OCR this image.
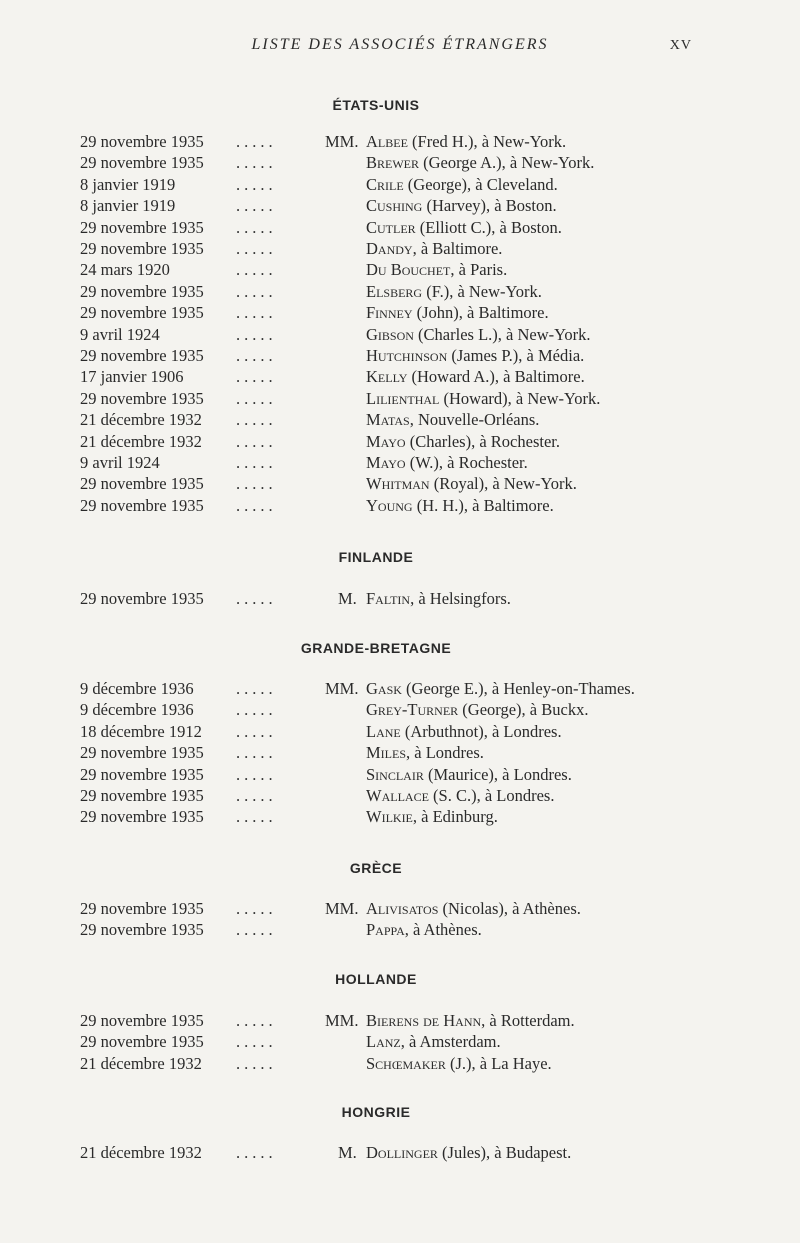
LISTE DES ASSOCIÉS ÉTRANGERS	XV
ÉTATS-UNIS
29 novembre 1935	.....	MM. Albee (Fred H.), à New-York.
29 novembre 1935	.....	Brewer (George A.), à New-York.
8 janvier 1919	.....	Crile (George), à Cleveland.
8 janvier 1919	.....	Cushing (Harvey), à Boston.
29 novembre 1935	.....	Cutler (Elliott C.), à Boston.
29 novembre 1935	.....	Dandy, à Baltimore.
24 mars 1920	.....	Du Bouchet, à Paris.
29 novembre 1935	.....	Elsberg (F.), à New-York.
29 novembre 1935	.....	Finney (John), à Baltimore.
9 avril 1924	.....	Gibson (Charles L.), à New-York.
29 novembre 1935	.....	Hutchinson (James P.), à Média.
17 janvier 1906	.....	Kelly (Howard A.), à Baltimore.
29 novembre 1935	.....	Lilienthal (Howard), à New-York.
21 décembre 1932	.....	Matas, Nouvelle-Orléans.
21 décembre 1932	.....	Mayo (Charles), à Rochester.
9 avril 1924	.....	Mayo (W.), à Rochester.
29 novembre 1935	.....	Whitman (Royal), à New-York.
29 novembre 1935	.....	Young (H. H.), à Baltimore.
FINLANDE
29 novembre 1935	.....	M. Faltin, à Helsingfors.
GRANDE-BRETAGNE
9 décembre 1936	.....	MM. Gask (George E.), à Henley-on-Thames.
9 décembre 1936	.....	Grey-Turner (George), à Buckx.
18 décembre 1912	.....	Lane (Arbuthnot), à Londres.
29 novembre 1935	.....	Miles, à Londres.
29 novembre 1935	.....	Sinclair (Maurice), à Londres.
29 novembre 1935	.....	Wallace (S. C.), à Londres.
29 novembre 1935	.....	Wilkie, à Edinburg.
GRÈCE
29 novembre 1935	.....	MM. Alivisatos (Nicolas), à Athènes.
29 novembre 1935	.....	Pappa, à Athènes.
HOLLANDE
29 novembre 1935	.....	MM. Bierens de Hann, à Rotterdam.
29 novembre 1935	.....	Lanz, à Amsterdam.
21 décembre 1932	.....	Schœmaker (J.), à La Haye.
HONGRIE
21 décembre 1932	.....	M. Dollinger (Jules), à Budapest.
